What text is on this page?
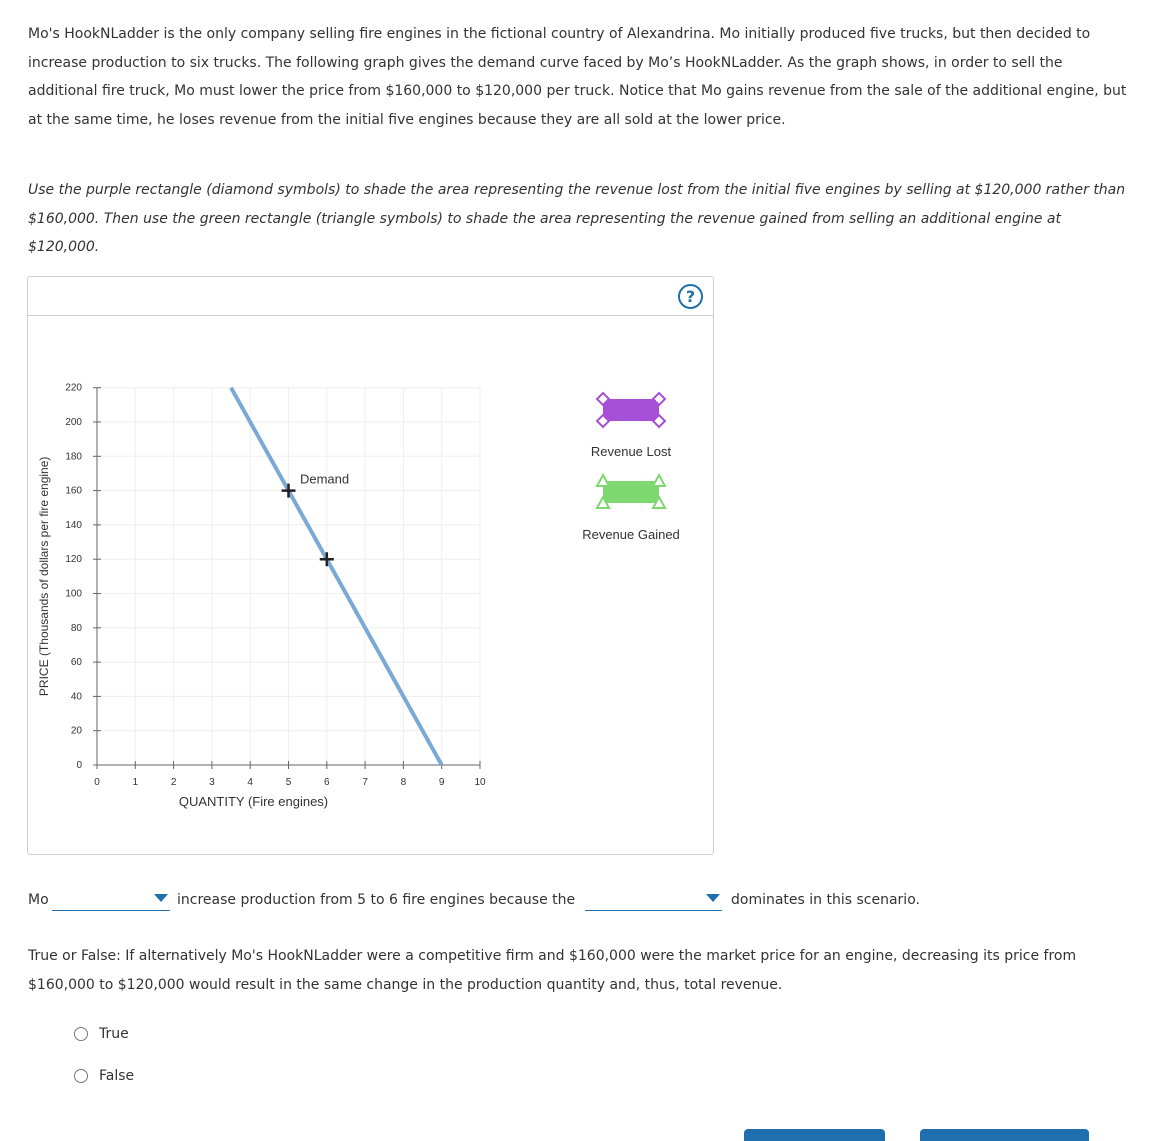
Mo's HookNLadder is the only company selling fire engines in the fictional country of Alexandrina. Mo initially produced five trucks, but then decided to increase production to six trucks. The following graph gives the demand curve faced by Mo’s HookNLadder. As the graph shows, in order to sell the additional fire truck, Mo must lower the price from $160,000 to $120,000 per truck. Notice that Mo gains revenue from the sale of the additional engine, but at the same time, he loses revenue from the initial five engines because they are all sold at the lower price.
Use the purple rectangle (diamond symbols) to shade the area representing the revenue lost from the initial five engines by selling at $120,000 rather than $160,000. Then use the green rectangle (triangle symbols) to shade the area representing the revenue gained from selling an additional engine at $120,000.
?
0
20
40
60
80
100
120
140
160
180
200
220
0	1	2	3	4	5	6	7	8	9	10
QUANTITY (Fire engines)
PRICE (Thousands of dollars per fire engine)	Demand
Revenue Lost
Revenue Gained
Mo	increase production from 5 to 6 fire engines because the	dominates in this scenario.
True or False: If alternatively Mo's HookNLadder were a competitive firm and $160,000 were the market price for an engine, decreasing its price from $160,000 to $120,000 would result in the same change in the production quantity and, thus, total revenue.
True
False
